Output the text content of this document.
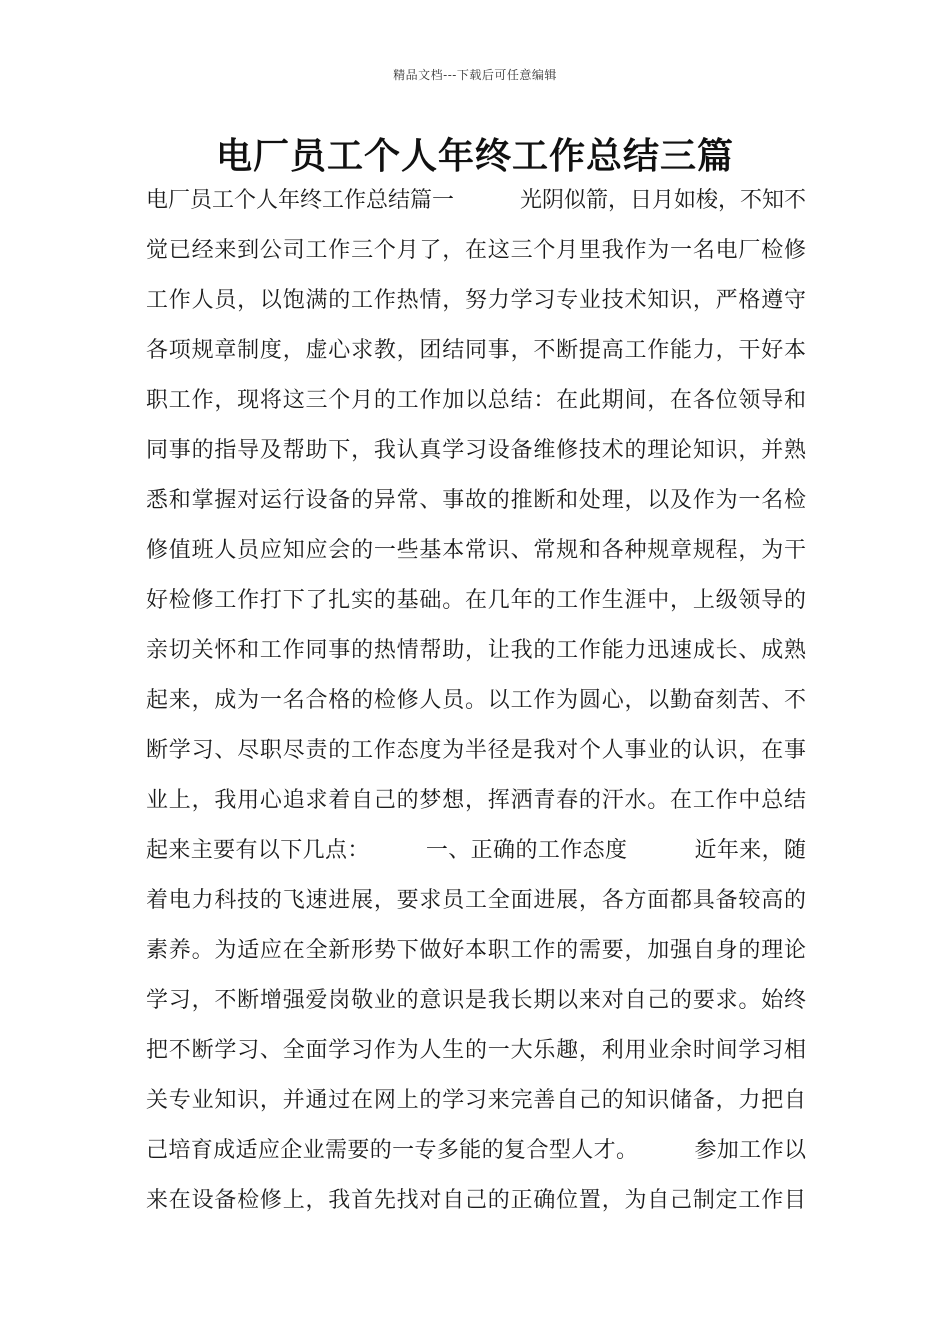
精品文档---下载后可任意编辑
电厂员工个人年终工作总结三篇
电厂员工个人年终工作总结篇一　　　光阴似箭，日月如梭，不知不
觉已经来到公司工作三个月了，在这三个月里我作为一名电厂检修
工作人员，以饱满的工作热情，努力学习专业技术知识，严格遵守
各项规章制度，虚心求教，团结同事，不断提高工作能力，干好本
职工作，现将这三个月的工作加以总结：在此期间，在各位领导和
同事的指导及帮助下，我认真学习设备维修技术的理论知识，并熟
悉和掌握对运行设备的异常、事故的推断和处理，以及作为一名检
修值班人员应知应会的一些基本常识、常规和各种规章规程，为干
好检修工作打下了扎实的基础。在几年的工作生涯中，上级领导的
亲切关怀和工作同事的热情帮助，让我的工作能力迅速成长、成熟
起来，成为一名合格的检修人员。以工作为圆心，以勤奋刻苦、不
断学习、尽职尽责的工作态度为半径是我对个人事业的认识，在事
业上，我用心追求着自己的梦想，挥洒青春的汗水。在工作中总结
起来主要有以下几点：　　　一、正确的工作态度　　　近年来，随
着电力科技的飞速进展，要求员工全面进展，各方面都具备较高的
素养。为适应在全新形势下做好本职工作的需要，加强自身的理论
学习，不断增强爱岗敬业的意识是我长期以来对自己的要求。始终
把不断学习、全面学习作为人生的一大乐趣，利用业余时间学习相
关专业知识，并通过在网上的学习来完善自己的知识储备，力把自
己培育成适应企业需要的一专多能的复合型人才。　　　参加工作以
来在设备检修上，我首先找对自己的正确位置，为自己制定工作目
